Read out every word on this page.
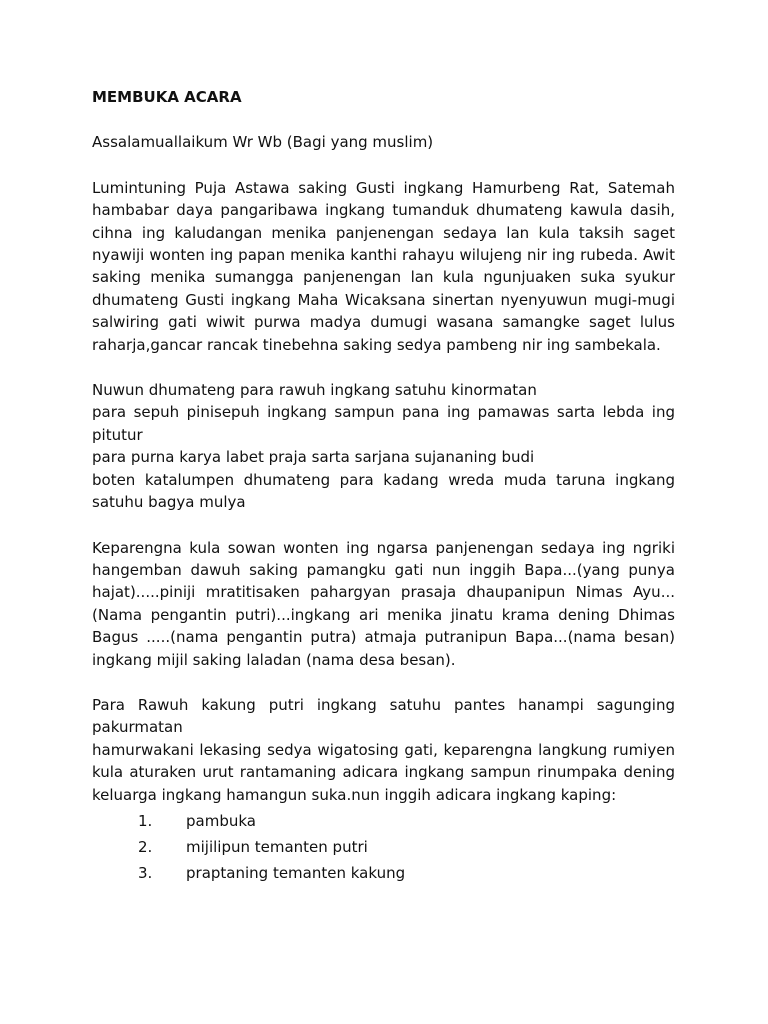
MEMBUKA ACARA

Assalamuallaikum Wr Wb (Bagi yang muslim)

Lumintuning Puja Astawa saking Gusti ingkang Hamurbeng Rat, Satemah hambabar daya pangaribawa ingkang tumanduk dhumateng kawula dasih, cihna ing kaludangan menika panjenengan sedaya lan kula taksih saget nyawiji wonten ing papan menika kanthi rahayu wilujeng nir ing rubeda. Awit saking menika sumangga panjenengan lan kula ngunjuaken suka syukur dhumateng Gusti ingkang Maha Wicaksana sinertan nyenyuwun mugi-mugi salwiring gati wiwit purwa madya dumugi wasana samangke saget lulus raharja,gancar rancak tinebehna saking sedya pambeng nir ing sambekala.

Nuwun dhumateng para rawuh ingkang satuhu kinormatan
para sepuh pinisepuh ingkang sampun pana ing pamawas sarta lebda ing pitutur
para purna karya labet praja sarta sarjana sujananing budi
boten katalumpen dhumateng para kadang wreda muda taruna ingkang satuhu bagya mulya

Keparengna kula sowan wonten ing ngarsa panjenengan sedaya ing ngriki hangemban dawuh saking pamangku gati nun inggih Bapa...(yang punya hajat).....piniji mratitisaken pahargyan prasaja dhaupanipun Nimas Ayu...(Nama pengantin putri)...ingkang ari menika jinatu krama dening Dhimas Bagus .....(nama pengantin putra) atmaja putranipun Bapa...(nama besan) ingkang mijil saking laladan (nama desa besan).

Para Rawuh kakung putri ingkang satuhu pantes hanampi sagunging pakurmatan
hamurwakani lekasing sedya wigatosing gati, keparengna langkung rumiyen kula aturaken urut rantamaning adicara ingkang sampun rinumpaka dening keluarga ingkang hamangun suka.nun inggih adicara ingkang kaping:
1.	pambuka
2.	mijilipun temanten putri
3.	praptaning temanten kakung
